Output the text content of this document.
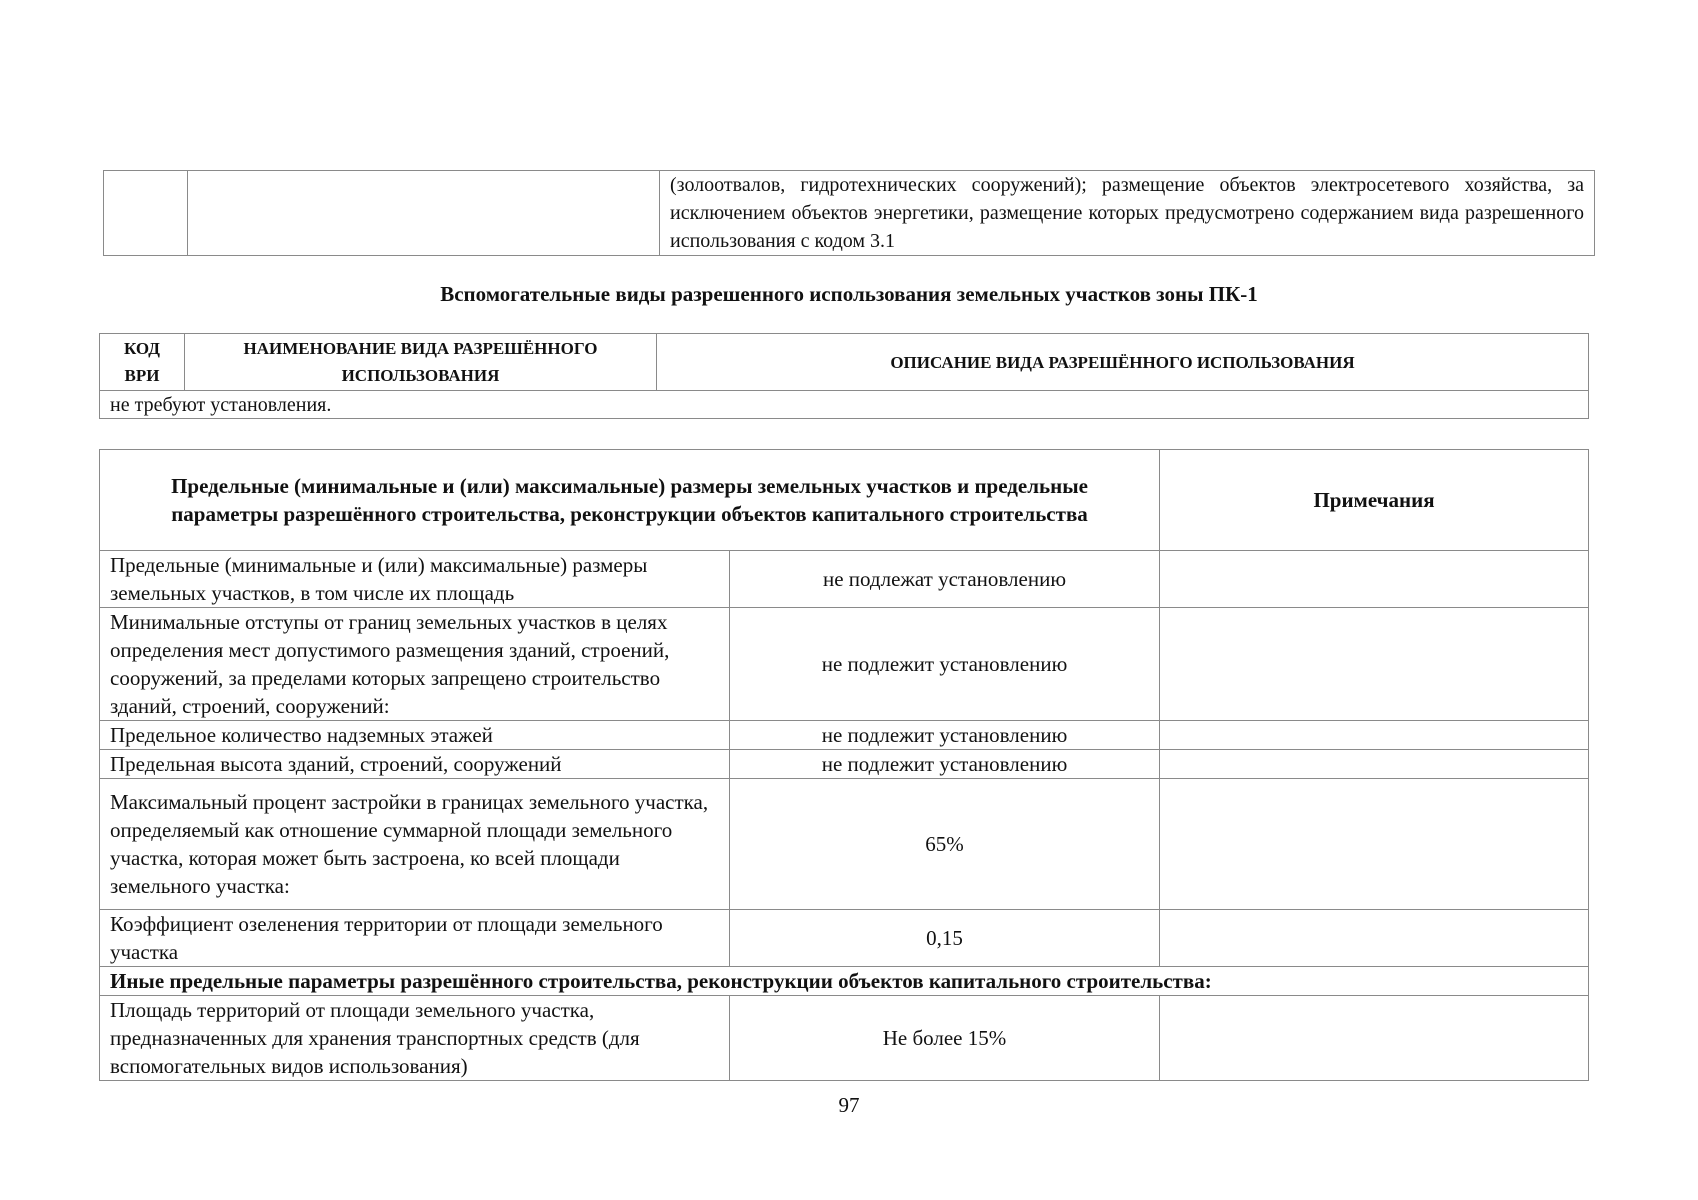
		(золоотвалов, гидротехнических сооружений); размещение объектов электросетевого хозяйства, за исключением объектов энергетики, размещение которых предусмотрено содержанием вида разрешенного использования с кодом 3.1
Вспомогательные виды разрешенного использования земельных участков зоны ПК-1
КОД ВРИ	НАИМЕНОВАНИЕ ВИДА РАЗРЕШЁННОГО ИСПОЛЬЗОВАНИЯ	ОПИСАНИЕ ВИДА РАЗРЕШЁННОГО ИСПОЛЬЗОВАНИЯ
не требуют установления.
Предельные (минимальные и (или) максимальные) размеры земельных участков и предельные параметры разрешённого строительства, реконструкции объектов капитального строительства		Примечания
Предельные (минимальные и (или) максимальные) размеры земельных участков, в том числе их площадь	не подлежат установлению	
Минимальные отступы от границ земельных участков в целях определения мест допустимого размещения зданий, строений, сооружений, за пределами которых запрещено строительство зданий, строений, сооружений:	не подлежит установлению	
Предельное количество надземных этажей	не подлежит установлению	
Предельная высота зданий, строений, сооружений	не подлежит установлению	
Максимальный процент застройки в границах земельного участка, определяемый как отношение суммарной площади земельного участка, которая может быть застроена, ко всей площади земельного участка:	65%	
Коэффициент озеленения территории от площади земельного участка	0,15	
Иные предельные параметры разрешённого строительства, реконструкции объектов капитального строительства:		
Площадь территорий от площади земельного участка, предназначенных для хранения транспортных средств (для вспомогательных видов использования)	Не более 15%	
97
